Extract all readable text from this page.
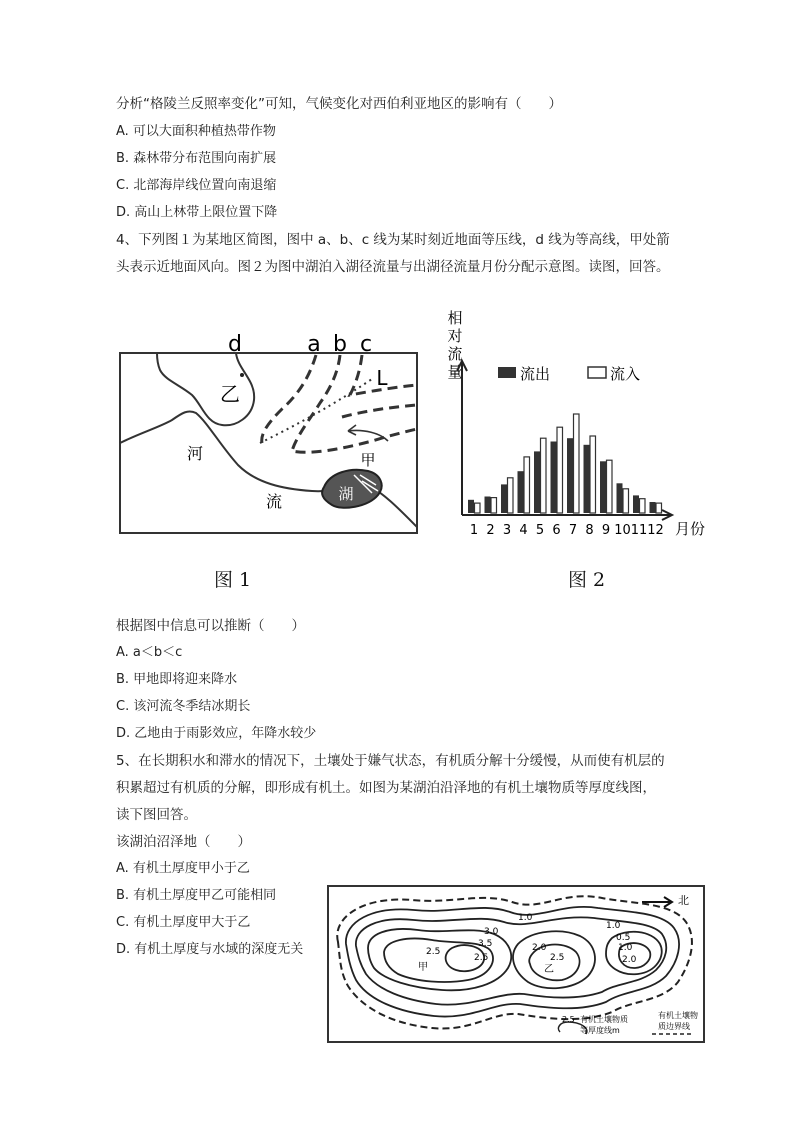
分析“格陵兰反照率变化”可知，气候变化对西伯利亚地区的影响有（　　）
A. 可以大面积种植热带作物
B. 森林带分布范围向南扩展
C. 北部海岸线位置向南退缩
D. 高山上林带上限位置下降
4、下列图１为某地区简图，图中 a、b、c 线为某时刻近地面等压线，d 线为等高线，甲处箭
头表示近地面风向。图２为图中湖泊入湖径流量与出湖径流量月份分配示意图。读图，回答。
d	a b c
L
乙
河
流
甲
湖
图 1
相
对
流
量	流出	流入
1 2 3 4 5 6 7 8 9 10 11 12 月份
图 2
根据图中信息可以推断（　　）
A. a＜b＜c
B. 甲地即将迎来降水
C. 该河流冬季结冰期长
D. 乙地由于雨影效应，年降水较少
5、在长期积水和滞水的情况下，土壤处于嫌气状态，有机质分解十分缓慢，从而使有机层的
积累超过有机质的分解，即形成有机土。如图为某湖泊沿泽地的有机土壤物质等厚度线图，
读下图回答。
该湖泊沼泽地（　　）
A. 有机土厚度甲小于乙
B. 有机土厚度甲乙可能相同
C. 有机土厚度甲大于乙
D. 有机土厚度与水域的深度无关
北
2.5
3.0
3.5
2.5
1.0
2.0
2.5
1.0
0.5
1.0
2.0
甲	乙
2.5 有机土壤物质
等厚度线m
有机土壤物
质边界线
